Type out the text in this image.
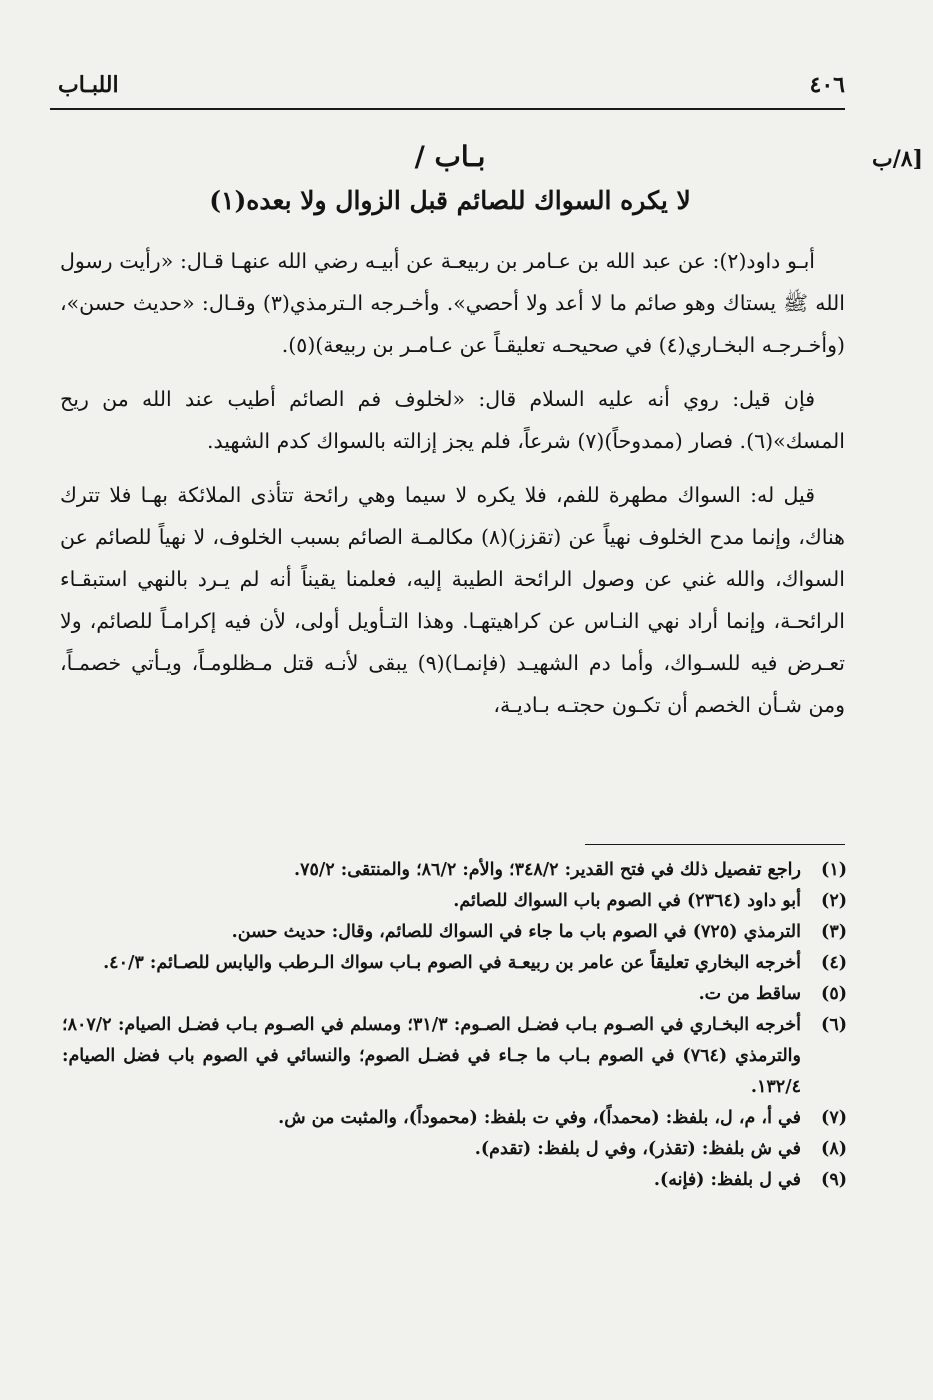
٤٠٦
اللبـاب
٨/ب]
/ بـاب
لا يكره السواك للصائم قبل الزوال ولا بعده(١)

أبـو داود(٢): عن عبد الله بن عـامر بن ربيعـة عن أبيـه رضي الله عنهـا قـال: «رأيت رسول الله ﷺ يستاك وهو صائم ما لا أعد ولا أحصي». وأخـرجه الـترمذي(٣) وقـال: «حديث حسن»، (وأخـرجـه البخـاري(٤) في صحيحـه تعليقـاً عن عـامـر بن ربيعة)(٥).

فإن قيل: روي أنه عليه السلام قال: «لخلوف فم الصائم أطيب عند الله من ريح المسك»(٦). فصار (ممدوحاً)(٧) شرعاً، فلم يجز إزالته بالسواك كدم الشهيد.

قيل له: السواك مطهرة للفم، فلا يكره لا سيما وهي رائحة تتأذى الملائكة بهـا فلا تترك هناك، وإنما مدح الخلوف نهياً عن (تقزز)(٨) مكالمـة الصائم بسبب الخلوف، لا نهياً للصائم عن السواك، والله غني عن وصول الرائحة الطيبة إليه، فعلمنا يقيناً أنه لم يـرد بالنهي استبقـاء الرائحـة، وإنما أراد نهي النـاس عن كراهيتهـا. وهذا التـأويل أولى، لأن فيه إكرامـاً للصائم، ولا تعـرض فيه للسـواك، وأما دم الشهيـد (فإنمـا)(٩) يبقى لأنـه قتل مـظلومـاً، ويـأتي خصمـاً، ومن شـأن الخصم أن تكـون حجتـه بـاديـة،

(١)
راجع تفصيل ذلك في فتح القدير: ٣٤٨/٢؛ والأم: ٨٦/٢؛ والمنتقى: ٧٥/٢.
(٢)
أبو داود (٢٣٦٤) في الصوم باب السواك للصائم.
(٣)
الترمذي (٧٢٥) في الصوم باب ما جاء في السواك للصائم، وقال: حديث حسن.
(٤)
أخرجه البخاري تعليقاً عن عامر بن ربيعـة في الصوم بـاب سواك الـرطب واليابس للصـائم: ٤٠/٣.
(٥)
ساقط من ت.
(٦)
أخرجه البخـاري في الصـوم بـاب فضـل الصـوم: ٣١/٣؛ ومسلم في الصـوم بـاب فضـل الصيام: ٨٠٧/٢؛ والترمذي (٧٦٤) في الصوم بـاب ما جـاء في فضـل الصوم؛ والنسائي في الصوم باب فضل الصيام: ١٣٢/٤.
(٧)
في أ، م، ل، بلفظ: (محمداً)، وفي ت بلفظ: (محموداً)، والمثبت من ش.
(٨)
في ش بلفظ: (تقذر)، وفي ل بلفظ: (تقدم).
(٩)
في ل بلفظ: (فإنه).
